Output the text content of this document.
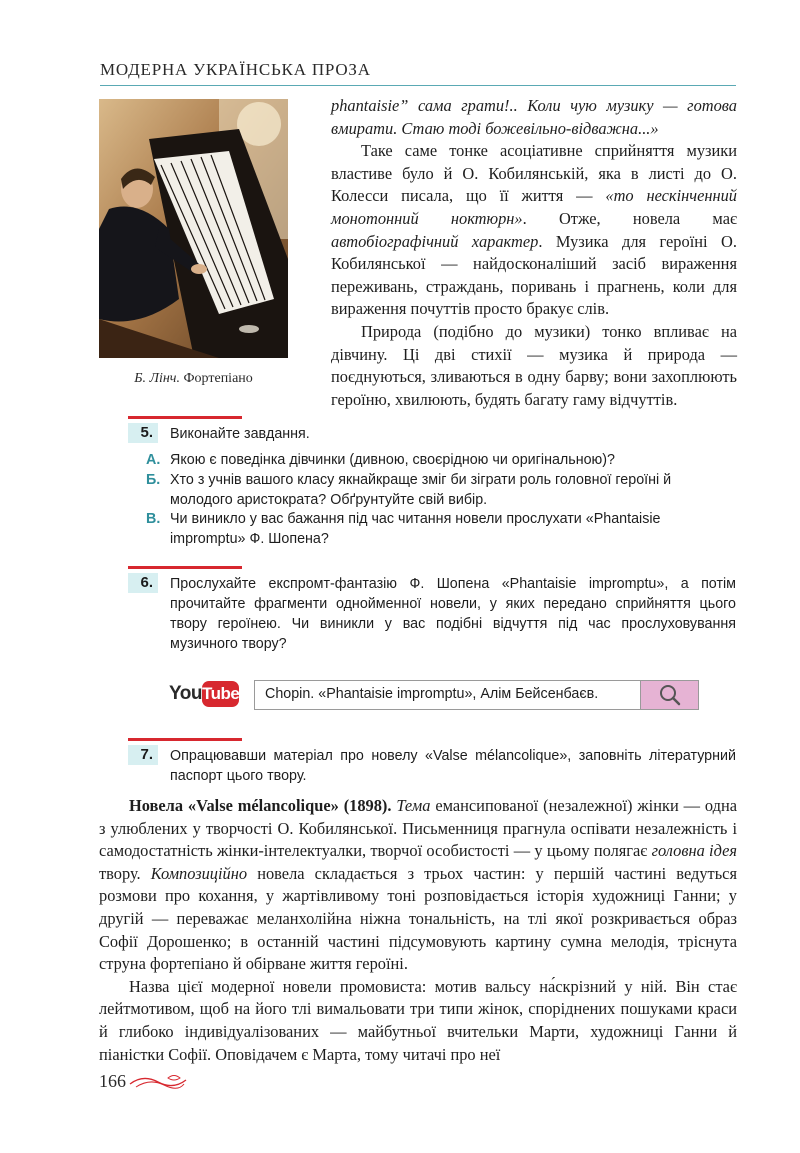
МОДЕРНА УКРАЇНСЬКА ПРОЗА
Б. Лінч. Фортепіано

phantaisie” сама грати!.. Коли чую музику — готова вмирати. Стаю тоді божевільно-відважна...»

Таке саме тонке асоціативне сприйняття музики властиве було й О. Кобилянській, яка в листі до О. Колесси писала, що її життя — «то нескінченний монотонний ноктюрн». Отже, новела має автобіографічний характер. Музика для героїні О. Кобилянської — найдосконаліший засіб вираження переживань, страждань, поривань і прагнень, коли для вираження почуттів просто бракує слів.

Природа (подібно до музики) тонко впливає на дівчину. Ці дві стихії — музика й природа — поєднуються, зливаються в одну барву; вони захоплюють героїню, хвилюють, будять багату гаму відчуттів.

5.	Виконайте завдання.
А. Якою є поведінка дівчинки (дивною, своєрідною чи оригінальною)?
Б. Хто з учнів вашого класу якнайкраще зміг би зіграти роль головної героїні й молодого аристократа? Обґрунтуйте свій вибір.
В. Чи виникло у вас бажання під час читання новели прослухати «Phantaisie impromptu» Ф. Шопена?
6.	Прослухайте експромт-фантазію Ф. Шопена «Phantaisie impromptu», а потім прочитайте фрагменти однойменної новели, у яких передано сприйняття цього твору героїнею. Чи виникли у вас подібні відчуття під час прослуховування музичного твору?
You Tube Chopin. «Phantaisie impromptu», Алім Бейсенбаєв.
7.	Опрацювавши матеріал про новелу «Valse mélancolique», заповніть літературний паспорт цього твору.

Новела «Valse mélancolique» (1898). Тема емансипованої (незалежної) жінки — одна з улюблених у творчості О. Кобилянської. Письменниця прагнула оспівати незалежність і самодостатність жінки-інтелектуалки, творчої особистості — у цьому полягає головна ідея твору. Композиційно новела складається з трьох частин: у першій частині ведуться розмови про кохання, у жартівливому тоні розповідається історія художниці Ганни; у другій — переважає меланхолійна ніжна тональність, на тлі якої розкривається образ Софії Дорошенко; в останній частині підсумовують картину сумна мелодія, тріснута струна фортепіано й обірване життя героїні.

Назва цієї модерної новели промовиста: мотив вальсу на́скрізний у ній. Він стає лейтмотивом, щоб на його тлі вимальовати три типи жінок, споріднених пошуками краси й глибоко індивідуалізованих — майбутньої вчительки Марти, художниці Ганни й піаністки Софії. Оповідачем є Марта, тому читачі про неї

166
